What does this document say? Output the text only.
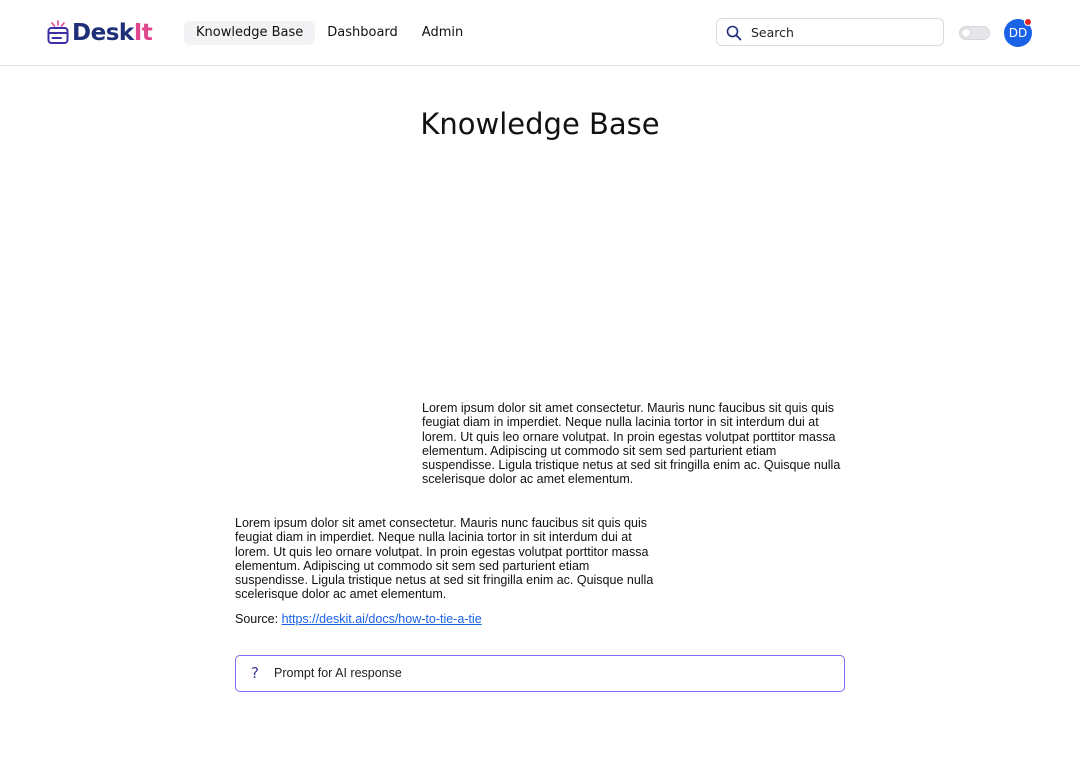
DeskIt	Knowledge Base	Dashboard	Admin	Search	DD
Knowledge Base

Lorem ipsum dolor sit amet consectetur. Mauris nunc faucibus sit quis quis feugiat diam in imperdiet. Neque nulla lacinia tortor in sit interdum dui at lorem. Ut quis leo ornare volutpat. In proin egestas volutpat porttitor massa elementum. Adipiscing ut commodo sit sem sed parturient etiam suspendisse. Ligula tristique netus at sed sit fringilla enim ac. Quisque nulla scelerisque dolor ac amet elementum.

Lorem ipsum dolor sit amet consectetur. Mauris nunc faucibus sit quis quis feugiat diam in imperdiet. Neque nulla lacinia tortor in sit interdum dui at lorem. Ut quis leo ornare volutpat. In proin egestas volutpat porttitor massa elementum. Adipiscing ut commodo sit sem sed parturient etiam suspendisse. Ligula tristique netus at sed sit fringilla enim ac. Quisque nulla scelerisque dolor ac amet elementum.

Source: https://deskit.ai/docs/how-to-tie-a-tie
? Prompt for AI response
